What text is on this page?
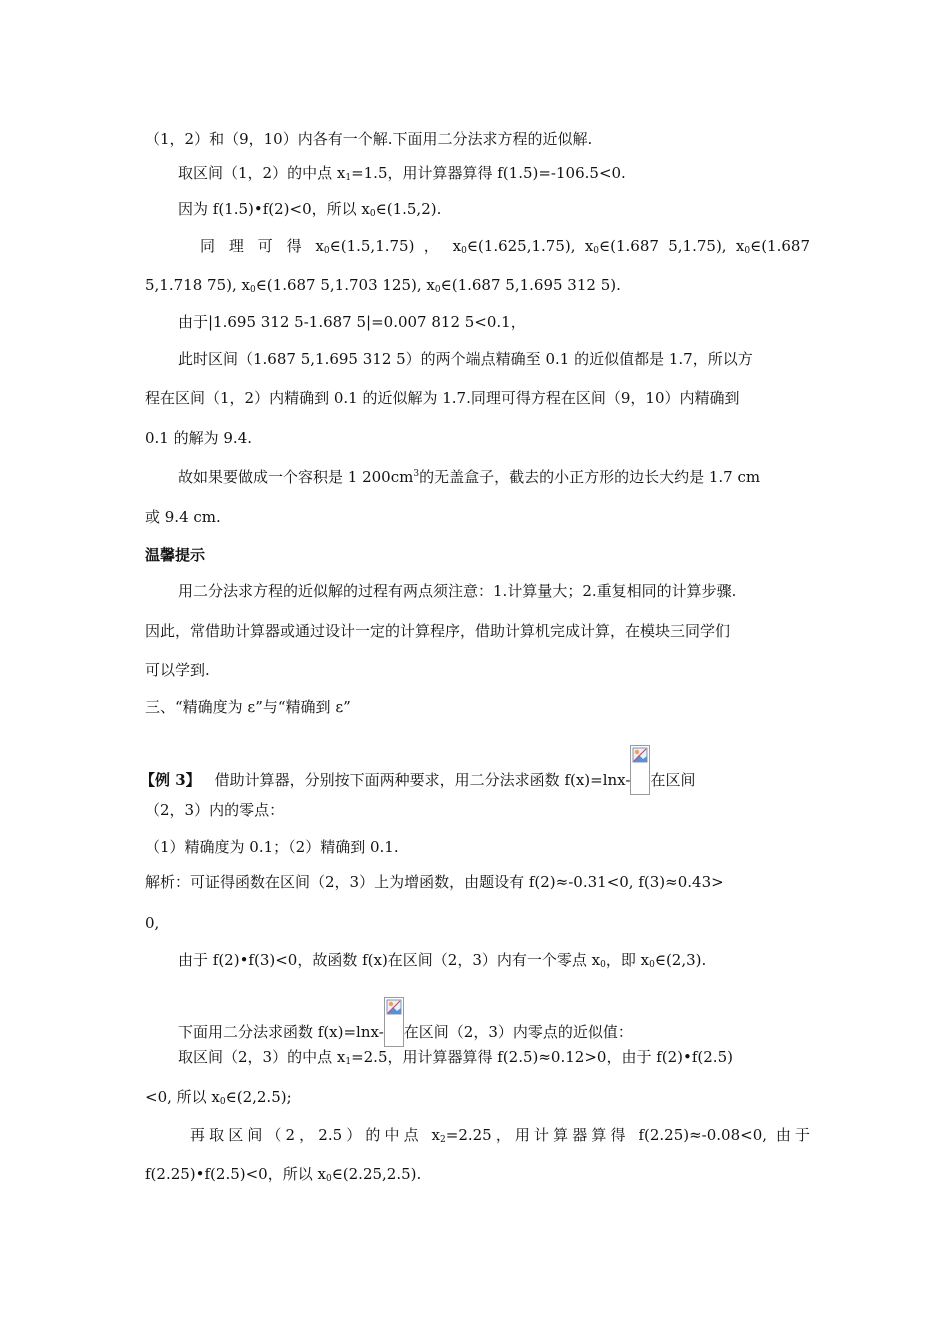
（1，2）和（9，10）内各有一个解.下面用二分法求方程的近似解.
取区间（1，2）的中点 $x_1=1.5$，用计算器算得 f(1.5)=-106.5<0.
因为 f(1.5)•f(2)<0，所以 $x_0\in(1.5,2)$.
同 理 可 得 $x_0\in(1.5,1.75)$ ， $x_0\in(1.625,1.75)$, $x_0\in(1.687$ 5,1.75), $x_0\in(1.687$
5,1.718 75), $x_0\in(1.687$ 5,1.703 125), $x_0\in(1.687$ 5,1.695 312 5).
由于|1.695 312 5-1.687 5|=0.007 812 5<0.1，
此时区间（1.687 5,1.695 312 5）的两个端点精确至 0.1 的近似值都是 1.7，所以方
程在区间（1，2）内精确到 0.1 的近似解为 1.7.同理可得方程在区间（9，10）内精确到
0.1 的解为 9.4.
故如果要做成一个容积是 1 $200cm^3$的无盖盒子，截去的小正方形的边长大约是 1.7 cm
或 9.4 cm.
温馨提示
用二分法求方程的近似解的过程有两点须注意：1.计算量大；2.重复相同的计算步骤.
因此，常借助计算器或通过设计一定的计算程序，借助计算机完成计算，在模块三同学们
可以学到.
三、“精确度为 ε”与“精确到 ε”
【例 3】 借助计算器，分别按下面两种要求，用二分法求函数 f(x)=lnx- 在区间
（2，3）内的零点：
（1）精确度为 0.1；（2）精确到 0.1.
解析：可证得函数在区间（2，3）上为增函数，由题设有 f(2)≈-0.31<0, f(3)≈0.43>
0,
由于 f(2)•f(3)<0，故函数 f(x)在区间（2，3）内有一个零点 $x_0$，即 $x_0\in(2,3)$.
下面用二分法求函数 f(x)=lnx- 在区间（2，3）内零点的近似值：
取区间（2，3）的中点 $x_1=2.5$，用计算器算得 f(2.5)≈0.12>0，由于 f(2)•f(2.5)
<0, 所以 $x_0\in(2,2.5)$;
再取区间（2，2.5）的中点 $x_2=2.25$，用计算器算得 f(2.25)≈-0.08<0, 由于
f(2.25)•f(2.5)<0，所以 $x_0\in(2.25,2.5)$.
